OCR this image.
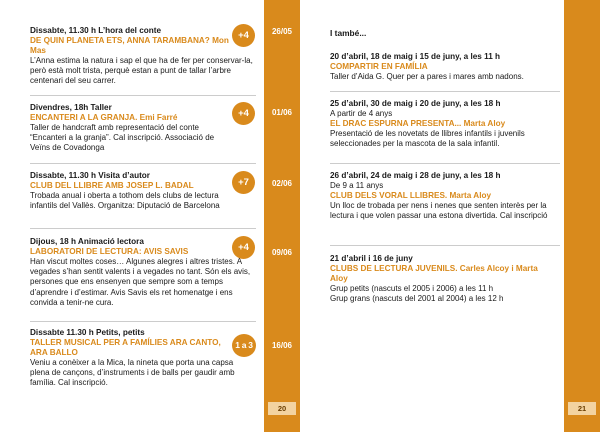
Dissabte, 11.30 h L’hora del conte
DE QUIN PLANETA ETS, ANNA TARAMBANA? Mon Mas
L’Anna estima la natura i sap el que ha de fer per conservar-la, però està molt trista, perquè estan a punt de tallar l’arbre centenari del seu carrer.
+4	26/05
Divendres, 18h Taller
ENCANTERI A LA GRANJA. Emi Farré
Taller de handcraft amb representació del conte “Encanteri a la granja”. Cal inscripció. Associació de Veïns de Covadonga
+4	01/06
Dissabte, 11.30 h Visita d’autor
CLUB DEL LLIBRE AMB JOSEP L. BADAL
Trobada anual i oberta a tothom dels clubs de lectura infantils del Vallès. Organitza: Diputació de Barcelona
+7	02/06
Dijous, 18 h Animació lectora
LABORATORI DE LECTURA: AVIS SAVIS
Han viscut moltes coses… Algunes alegres i altres tristes. A vegades s’han sentit valents i a vegades no tant. Són els avis, persones que ens ensenyen que sempre som a temps d’aprendre i d’estimar. Avis Savis els ret homenatge i ens convida a tenir-ne cura.
+4	09/06
Dissabte 11.30 h Petits, petits
TALLER MUSICAL PER A FAMÍLIES ARA CANTO, ARA BALLO
Veniu a conèixer a la Mica, la nineta que porta una capsa plena de cançons, d’instruments i de balls per gaudir amb família. Cal inscripció.
1 a 3	16/06
20
I també...
20 d’abril, 18 de maig i 15 de juny, a les 11 h
COMPARTIR EN FAMÍLIA
Taller d’Aida G. Quer per a pares i mares amb nadons.
25 d’abril, 30 de maig i 20 de juny, a les 18 h
A partir de 4 anys
EL DRAC ESPURNA PRESENTA... Marta Aloy
Presentació de les novetats de llibres infantils i juvenils seleccionades per la mascota de la sala infantil.
26 d’abril, 24 de maig i 28 de juny, a les 18 h
De 9 a 11 anys
CLUB DELS VORAL LLIBRES. Marta Aloy
Un lloc de trobada per nens i nenes que senten interès per la lectura i que volen passar una estona divertida. Cal inscripció
21 d’abril i 16 de juny
CLUBS DE LECTURA JUVENILS. Carles Alcoy i Marta Aloy
Grup petits (nascuts el 2005 i 2006) a les 11 h
Grup grans (nascuts del 2001 al 2004) a les 12 h
21
